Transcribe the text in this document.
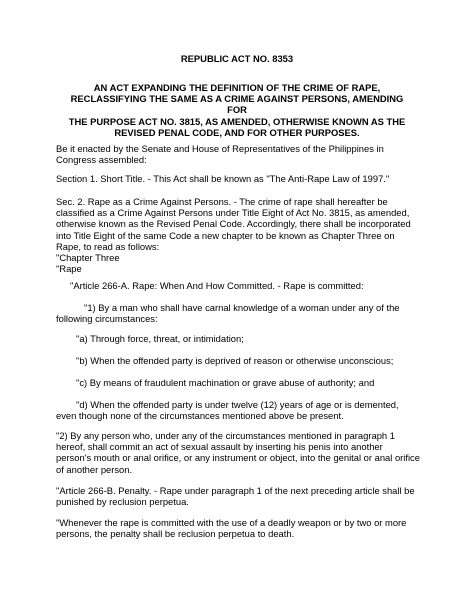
REPUBLIC ACT NO. 8353
AN ACT EXPANDING THE DEFINITION OF THE CRIME OF RAPE,
RECLASSIFYING THE SAME AS A CRIME AGAINST PERSONS, AMENDING FOR
THE PURPOSE ACT NO. 3815, AS AMENDED, OTHERWISE KNOWN AS THE
REVISED PENAL CODE, AND FOR OTHER PURPOSES.
Be it enacted by the Senate and House of Representatives of the Philippines in
Congress assembled:
Section 1. Short Title. - This Act shall be known as "The Anti-Rape Law of 1997."
Sec. 2. Rape as a Crime Against Persons. - The crime of rape shall hereafter be
classified as a Crime Against Persons under Title Eight of Act No. 3815, as amended,
otherwise known as the Revised Penal Code. Accordingly, there shall be incorporated
into Title Eight of the same Code a new chapter to be known as Chapter Three on
Rape, to read as follows:
"Chapter Three
"Rape
"Article 266-A. Rape: When And How Committed. - Rape is committed:
"1) By a man who shall have carnal knowledge of a woman under any of the
following circumstances:
"a) Through force, threat, or intimidation;
"b) When the offended party is deprived of reason or otherwise unconscious;
"c) By means of fraudulent machination or grave abuse of authority; and
"d) When the offended party is under twelve (12) years of age or is demented,
even though none of the circumstances mentioned above be present.
"2) By any person who, under any of the circumstances mentioned in paragraph 1
hereof, shall commit an act of sexual assault by inserting his penis into another
person's mouth or anal orifice, or any instrument or object, into the genital or anal orifice
of another person.
"Article 266-B. Penalty. - Rape under paragraph 1 of the next preceding article shall be
punished by reclusion perpetua.
"Whenever the rape is committed with the use of a deadly weapon or by two or more
persons, the penalty shall be reclusion perpetua to death.
